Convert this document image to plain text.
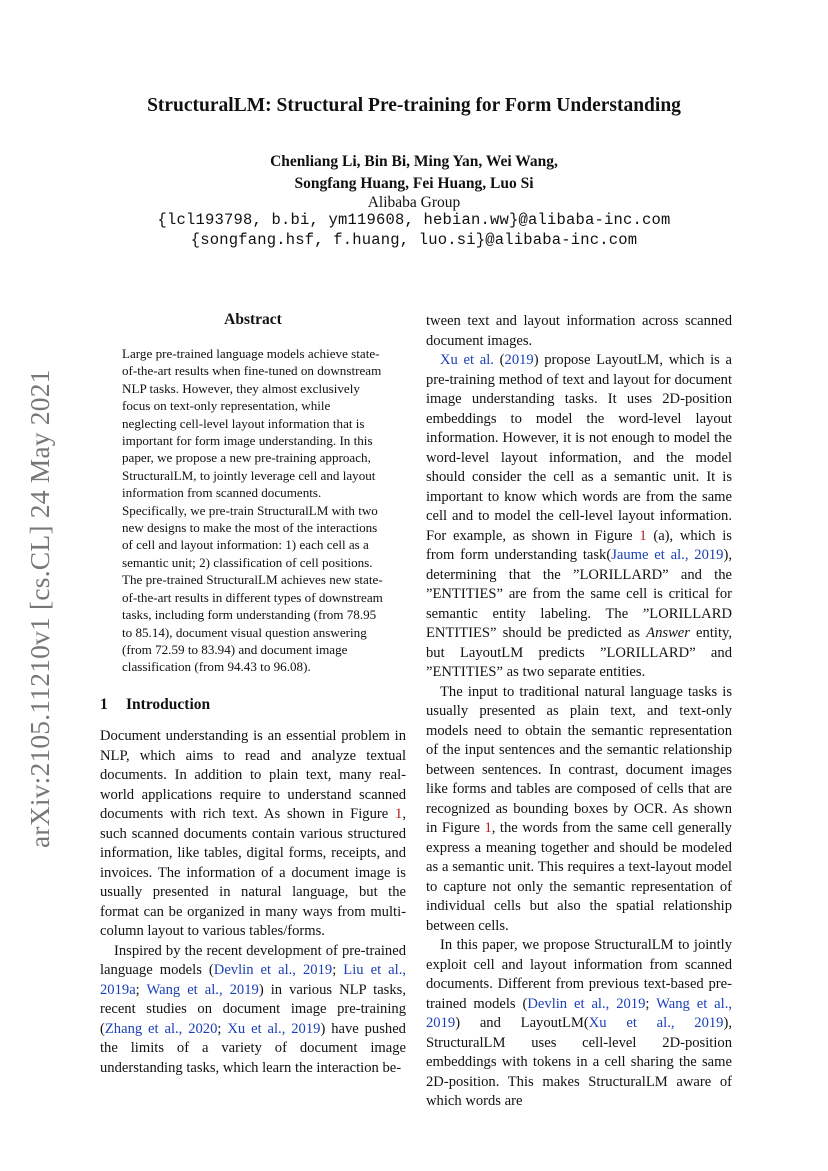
arXiv:2105.11210v1 [cs.CL] 24 May 2021
StructuralLM: Structural Pre-training for Form Understanding
Chenliang Li, Bin Bi, Ming Yan, Wei Wang,
Songfang Huang, Fei Huang, Luo Si
Alibaba Group
{lcl193798, b.bi, ym119608, hebian.ww}@alibaba-inc.com
{songfang.hsf, f.huang, luo.si}@alibaba-inc.com
Abstract
Large pre-trained language models achieve state-of-the-art results when fine-tuned on downstream NLP tasks. However, they almost exclusively focus on text-only representation, while neglecting cell-level layout information that is important for form image understanding. In this paper, we propose a new pre-training approach, StructuralLM, to jointly leverage cell and layout information from scanned documents. Specifically, we pre-train StructuralLM with two new designs to make the most of the interactions of cell and layout information: 1) each cell as a semantic unit; 2) classification of cell positions. The pre-trained StructuralLM achieves new state-of-the-art results in different types of downstream tasks, including form understanding (from 78.95 to 85.14), document visual question answering (from 72.59 to 83.94) and document image classification (from 94.43 to 96.08).
1 Introduction

Document understanding is an essential problem in NLP, which aims to read and analyze textual documents. In addition to plain text, many real-world applications require to understand scanned documents with rich text. As shown in Figure 1, such scanned documents contain various structured information, like tables, digital forms, receipts, and invoices. The information of a document image is usually presented in natural language, but the format can be organized in many ways from multi-column layout to various tables/forms.

Inspired by the recent development of pre-trained language models (Devlin et al., 2019; Liu et al., 2019a; Wang et al., 2019) in various NLP tasks, recent studies on document image pre-training (Zhang et al., 2020; Xu et al., 2019) have pushed the limits of a variety of document image understanding tasks, which learn the interaction be-

tween text and layout information across scanned document images.

Xu et al. (2019) propose LayoutLM, which is a pre-training method of text and layout for document image understanding tasks. It uses 2D-position embeddings to model the word-level layout information. However, it is not enough to model the word-level layout information, and the model should consider the cell as a semantic unit. It is important to know which words are from the same cell and to model the cell-level layout information. For example, as shown in Figure 1 (a), which is from form understanding task(Jaume et al., 2019), determining that the ”LORILLARD” and the ”ENTITIES” are from the same cell is critical for semantic entity labeling. The ”LORILLARD ENTITIES” should be predicted as Answer entity, but LayoutLM predicts ”LORILLARD” and ”ENTITIES” as two separate entities.

The input to traditional natural language tasks is usually presented as plain text, and text-only models need to obtain the semantic representation of the input sentences and the semantic relationship between sentences. In contrast, document images like forms and tables are composed of cells that are recognized as bounding boxes by OCR. As shown in Figure 1, the words from the same cell generally express a meaning together and should be modeled as a semantic unit. This requires a text-layout model to capture not only the semantic representation of individual cells but also the spatial relationship between cells.

In this paper, we propose StructuralLM to jointly exploit cell and layout information from scanned documents. Different from previous text-based pre-trained models (Devlin et al., 2019; Wang et al., 2019) and LayoutLM(Xu et al., 2019), StructuralLM uses cell-level 2D-position embeddings with tokens in a cell sharing the same 2D-position. This makes StructuralLM aware of which words are
